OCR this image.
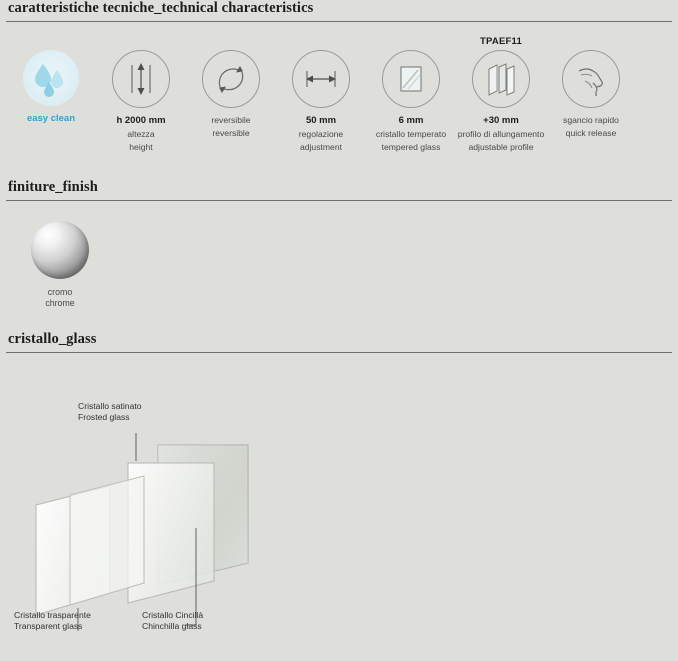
caratteristiche tecniche_technical characteristics
easy clean	h 2000 mm
altezza
height
reversibile
reversible
50 mm
regolazione
adjustment
6 mm
cristallo temperato
tempered glass
TPAEF11
+30 mm
profilo di allungamento
adjustable profile
sgancio rapido
quick release
finiture_finish
cromo
chrome
cristallo_glass
Cristallo satinato
Frosted glass
Cristallo trasparente
Transparent glass
Cristallo Cincillà
Chinchilla glass
